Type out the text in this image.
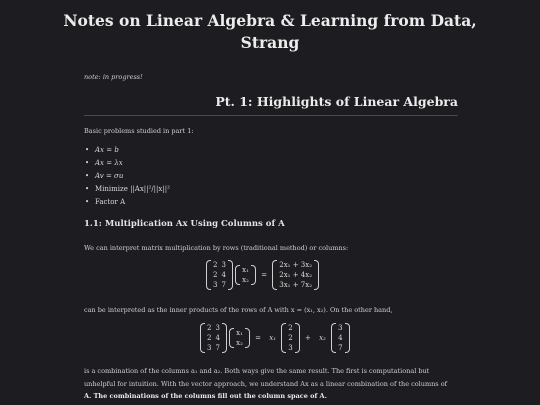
Notes on Linear Algebra & Learning from Data, Strang
note: in progress!
Pt. 1: Highlights of Linear Algebra
Basic problems studied in part 1:
• Ax = b
• Ax = λx
• Av = σu
• Minimize ||Ax||²/||x||²
• Factor A
1.1: Multiplication Ax Using Columns of A
We can interpret matrix multiplication by rows (traditional method) or columns:
2	3
2	4
3	7

x₁
x₂
=
2x₁ + 3x₂
2x₁ + 4x₂
3x₁ + 7x₂
can be interpreted as the inner products of the rows of A with x = (x₁, x₂). On the other hand,
2	3
2	4
3	7

x₁
x₂
= x₁
2
2
3
+ x₂
3
4
7
is a combination of the columns a₁ and a₂. Both ways give the same result. The first is computational but
unhelpful for intuition. With the vector approach, we understand Ax as a linear combination of the columns of
A. The combinations of the columns fill out the column space of A.
